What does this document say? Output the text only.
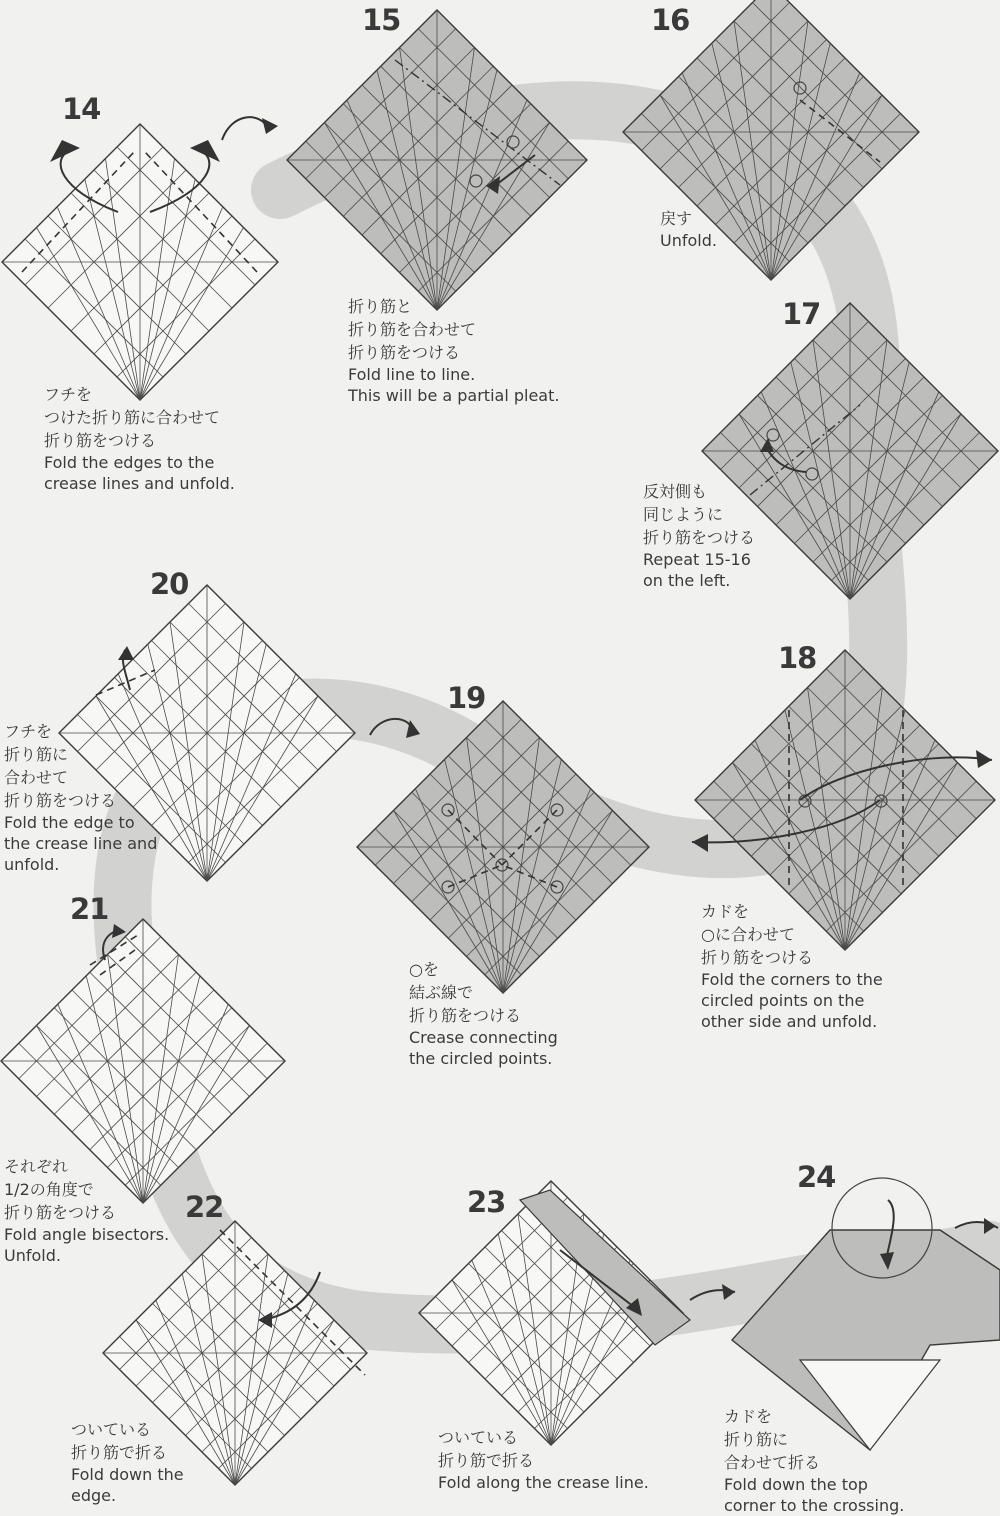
14
15	16
17
18
19
20
21
22	23
24
フチを
つけた折り筋に合わせて
折り筋をつける
Fold the edges to the
crease lines and unfold.
折り筋と
折り筋を合わせて
折り筋をつける
Fold line to line.
This will be a partial pleat.
戻す
Unfold.
反対側も
同じように
折り筋をつける
Repeat 15-16
on the left.
カドを
○に合わせて
折り筋をつける
Fold the corners to the
circled points on the
other side and unfold.
○を
結ぶ線で
折り筋をつける
Crease connecting
the circled points.
フチを
折り筋に
合わせて
折り筋をつける
Fold the edge to
the crease line and
unfold.
それぞれ
1/2の角度で
折り筋をつける
Fold angle bisectors.
Unfold.
ついている
折り筋で折る
Fold down the
edge.
ついている
折り筋で折る
Fold along the crease line.
カドを
折り筋に
合わせて折る
Fold down the top
corner to the crossing.
